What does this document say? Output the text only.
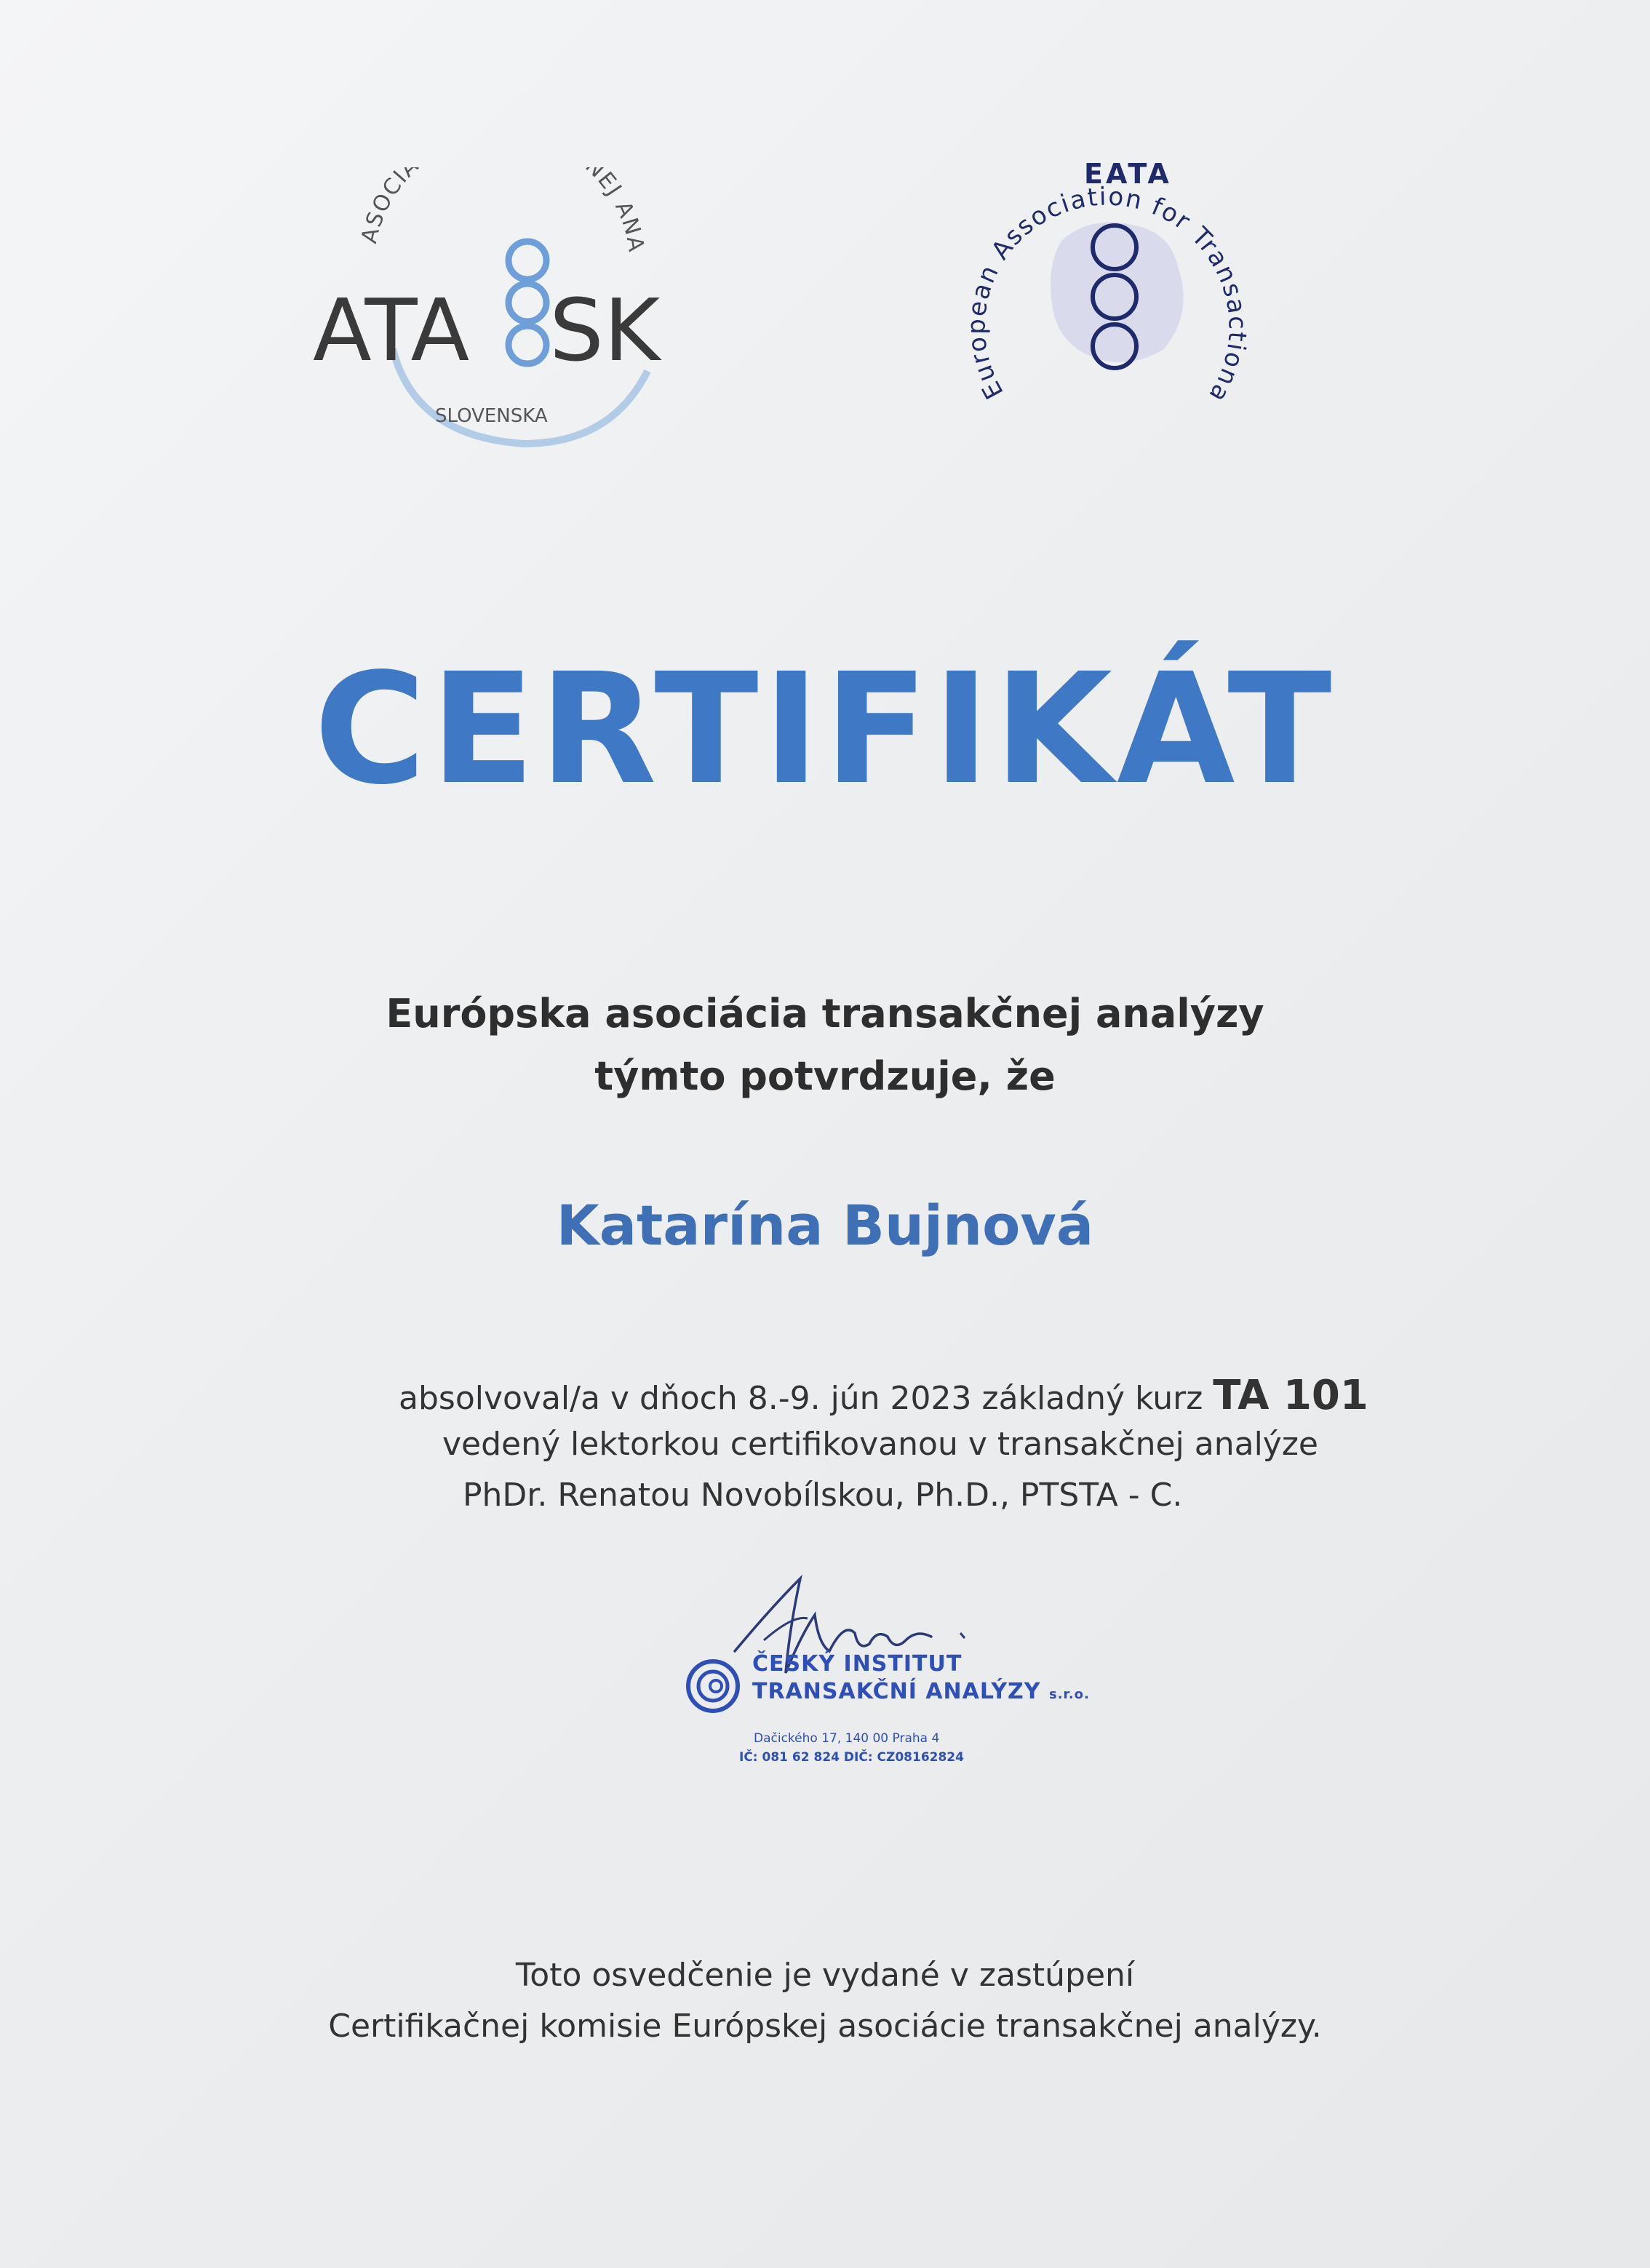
ASOCIÁ NEJ ANA
ATA SK
SLOVENSKA
European Association for Transactiona
EATA
CERTIFIKÁT
Európska asociácia transakčnej analýzy
týmto potvrdzuje, že
Katarína Bujnová
absolvoval/a v dňoch 8.-9. jún 2023 základný kurz TA 101
vedený lektorkou certifikovanou v transakčnej analýze
PhDr. Renatou Novobílskou, Ph.D., PTSTA - C.
ČESKÝ INSTITUT
TRANSAKČNÍ ANALÝZY s.r.o.
Dačického 17, 140 00 Praha 4
IČ: 081 62 824 DIČ: CZ08162824
Toto osvedčenie je vydané v zastúpení
Certifikačnej komisie Európskej asociácie transakčnej analýzy.
